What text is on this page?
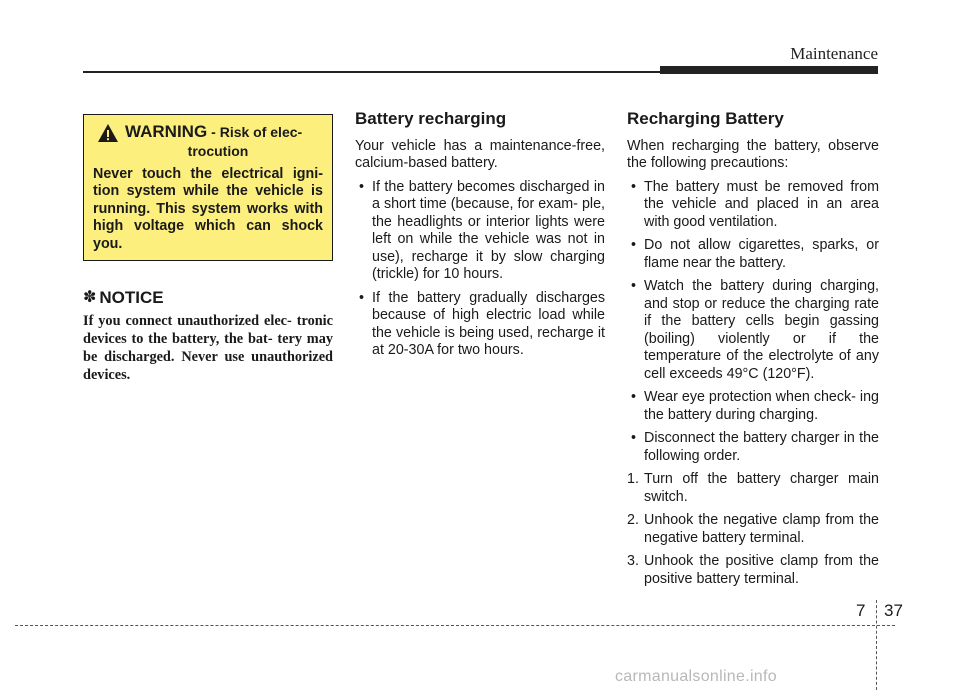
Maintenance
WARNING - Risk of elec-
trocution
Never touch the electrical igni- tion system while the vehicle is running. This system works with high voltage which can shock you.
✽ NOTICE
If you connect unauthorized elec- tronic devices to the battery, the bat- tery may be discharged. Never use unauthorized devices.
Battery recharging

Your vehicle has a maintenance-free, calcium-based battery.

• If the battery becomes discharged in a short time (because, for exam- ple, the headlights or interior lights were left on while the vehicle was not in use), recharge it by slow charging (trickle) for 10 hours.
• If the battery gradually discharges because of high electric load while the vehicle is being used, recharge it at 20-30A for two hours.
Recharging Battery

When recharging the battery, observe the following precautions:

• The battery must be removed from the vehicle and placed in an area with good ventilation.
• Do not allow cigarettes, sparks, or flame near the battery.
• Watch the battery during charging, and stop or reduce the charging rate if the battery cells begin gassing (boiling) violently or if the temperature of the electrolyte of any cell exceeds 49°C (120°F).
• Wear eye protection when check- ing the battery during charging.
• Disconnect the battery charger in the following order.
1. Turn off the battery charger main switch.
2. Unhook the negative clamp from the negative battery terminal.
3. Unhook the positive clamp from the positive battery terminal.
7 37
carmanualsonline.info
